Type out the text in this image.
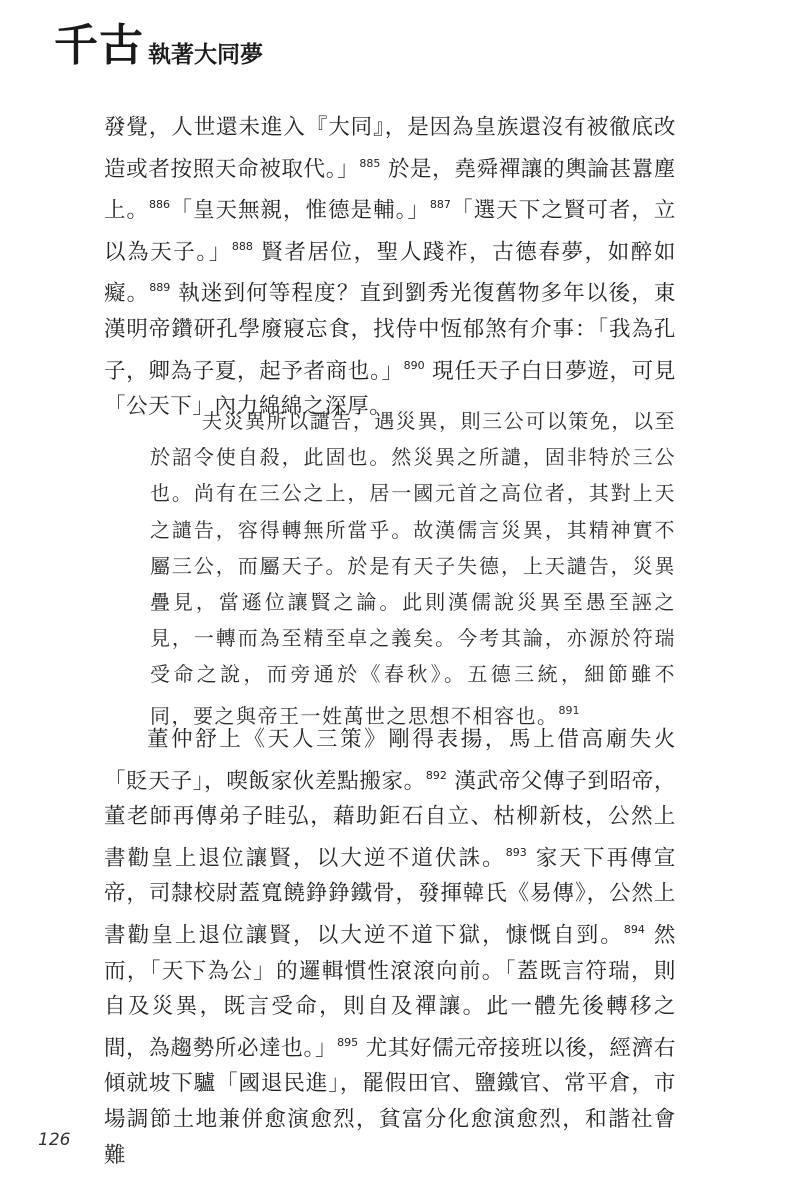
千古 執著大同夢

發覺，人世還未進入『大同』，是因為皇族還沒有被徹底改造或者按照天命被取代。」$^{885}$ 於是，堯舜禪讓的輿論甚囂塵上。$^{886}$「皇天無親，惟德是輔。」$^{887}$「選天下之賢可者，立以為天子。」$^{888}$ 賢者居位，聖人踐祚，古德春夢，如醉如癡。$^{889}$ 執迷到何等程度？直到劉秀光復舊物多年以後，東漢明帝鑽研孔學廢寢忘食，找侍中恆郁煞有介事：「我為孔子，卿為子夏，起予者商也。」$^{890}$ 現任天子白日夢遊，可見「公天下」內力綿綿之深厚。

夫災異所以譴告，遇災異，則三公可以策免，以至於詔令使自殺，此固也。然災異之所譴，固非特於三公也。尚有在三公之上，居一國元首之高位者，其對上天之譴告，容得轉無所當乎。故漢儒言災異，其精神實不屬三公，而屬天子。於是有天子失德，上天譴告，災異疊見，當遜位讓賢之論。此則漢儒說災異至愚至誣之見，一轉而為至精至卓之義矣。今考其論，亦源於符瑞受命之說，而旁通於《春秋》。五德三統，細節雖不同，要之與帝王一姓萬世之思想不相容也。$^{891}$

董仲舒上《天人三策》剛得表揚，馬上借高廟失火「貶天子」，喫飯家伙差點搬家。$^{892}$ 漢武帝父傳子到昭帝，董老師再傳弟子眭弘，藉助鉅石自立、枯柳新枝，公然上書勸皇上退位讓賢，以大逆不道伏誅。$^{893}$ 家天下再傳宣帝，司隸校尉蓋寬饒錚錚鐵骨，發揮韓氏《易傳》，公然上書勸皇上退位讓賢，以大逆不道下獄，慷慨自剄。$^{894}$ 然而，「天下為公」的邏輯慣性滾滾向前。「蓋既言符瑞，則自及災異，既言受命，則自及禪讓。此一體先後轉移之間，為趨勢所必達也。」$^{895}$ 尤其好儒元帝接班以後，經濟右傾就坡下驢「國退民進」，罷假田官、鹽鐵官、常平倉，市場調節土地兼併愈演愈烈，貧富分化愈演愈烈，和諧社會難

126
